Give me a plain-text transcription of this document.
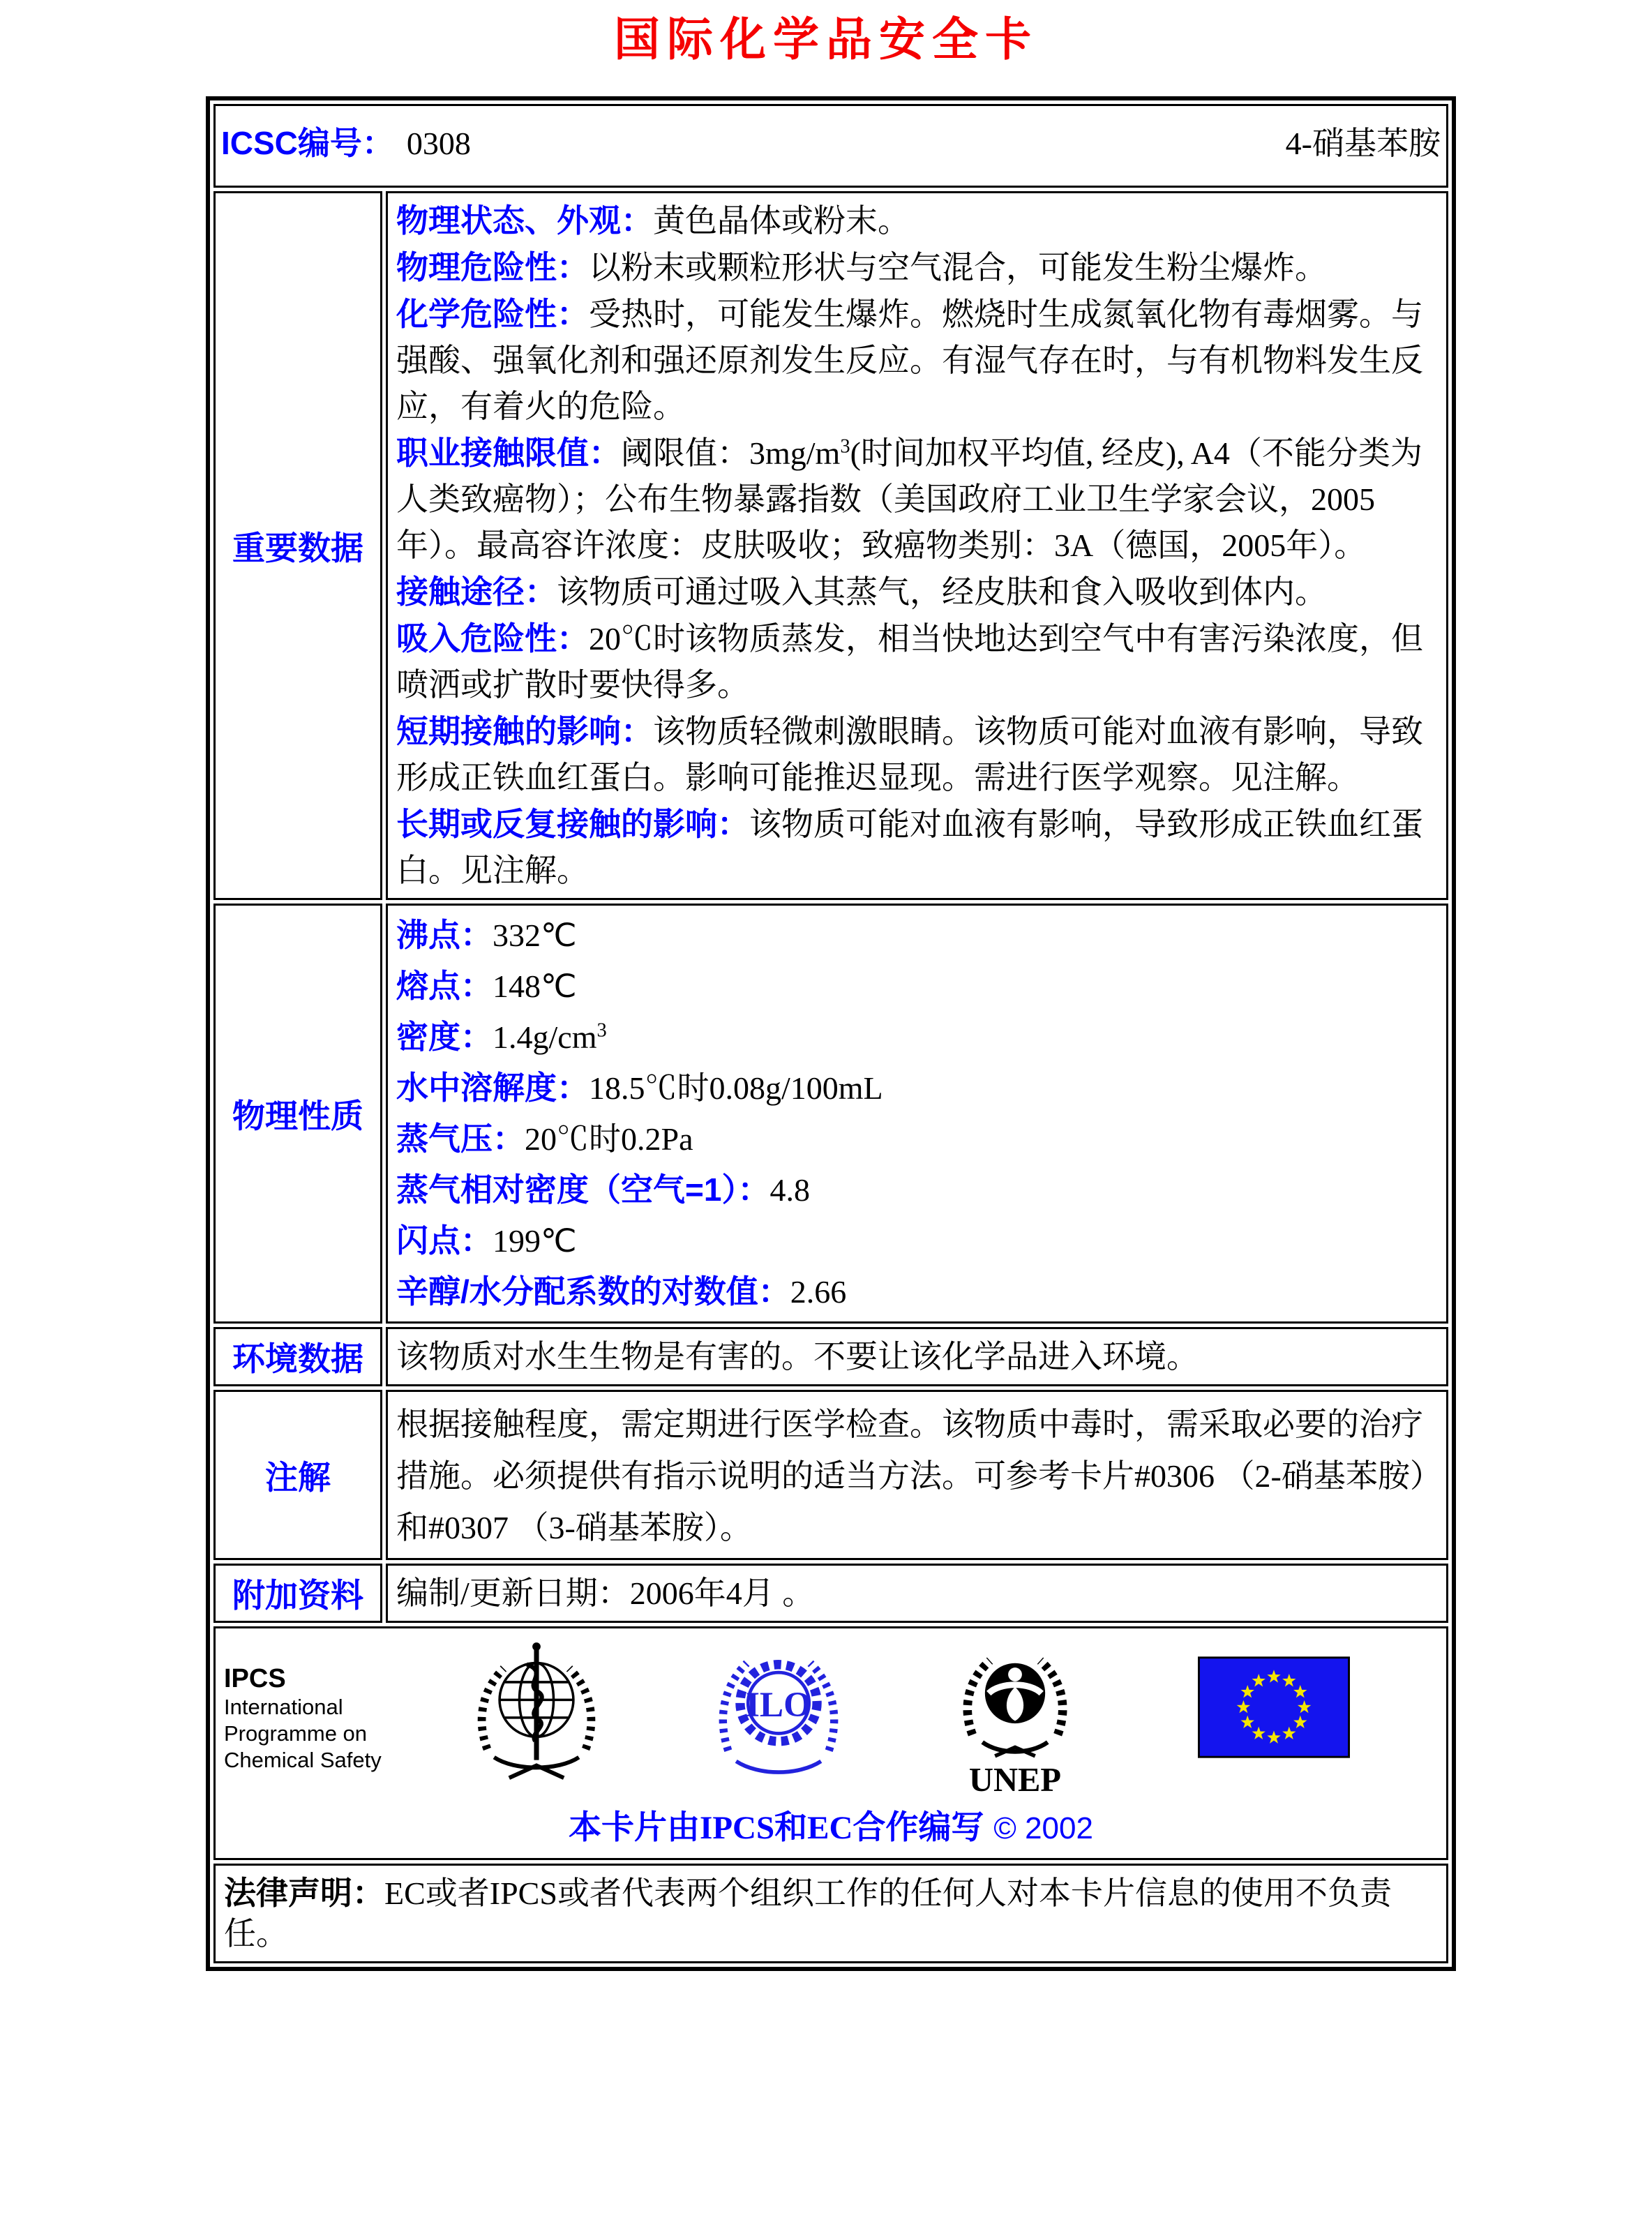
国际化学品安全卡
ICSC编号： 0308 4-硝基苯胺	

重要数据	
物理状态、外观：黄色晶体或粉末。
物理危险性：以粉末或颗粒形状与空气混合，可能发生粉尘爆炸。
化学危险性：受热时，可能发生爆炸。燃烧时生成氮氧化物有毒烟雾。与强酸、强氧化剂和强还原剂发生反应。有湿气存在时，与有机物料发生反应，有着火的危险。
职业接触限值：阈限值：$3mg/m^3$(时间加权平均值, 经皮), A4（不能分类为人类致癌物）；公布生物暴露指数（美国政府工业卫生学家会议，2005年）。最高容许浓度：皮肤吸收；致癌物类别：3A（德国，2005年）。
接触途径：该物质可通过吸入其蒸气，经皮肤和食入吸收到体内。
吸入危险性：20℃时该物质蒸发，相当快地达到空气中有害污染浓度，但喷洒或扩散时要快得多。
短期接触的影响：该物质轻微刺激眼睛。该物质可能对血液有影响，导致形成正铁血红蛋白。影响可能推迟显现。需进行医学观察。见注解。
长期或反复接触的影响：该物质可能对血液有影响，导致形成正铁血红蛋白。见注解。

物理性质	
沸点：332℃
熔点：148℃
密度：$1.4g/cm^3$
水中溶解度：18.5℃时0.08g/100mL
蒸气压：20℃时0.2Pa
蒸气相对密度（空气=1）：4.8
闪点：199℃
辛醇/水分配系数的对数值：2.66

环境数据	该物质对水生生物是有害的。不要让该化学品进入环境。
注解	根据接触程度，需定期进行医学检查。该物质中毒时，需采取必要的治疗措施。必须提供有指示说明的适当方法。可参考卡片#0306 （2-硝基苯胺）和#0307 （3-硝基苯胺）。
附加资料	编制/更新日期：2006年4月 。

IPCS
International
Programme on
Chemical Safety
ILO
UNEP
本卡片由IPCS和EC合作编写 © 2002

法律声明：EC或者IPCS或者代表两个组织工作的任何人对本卡片信息的使用不负责任。	
